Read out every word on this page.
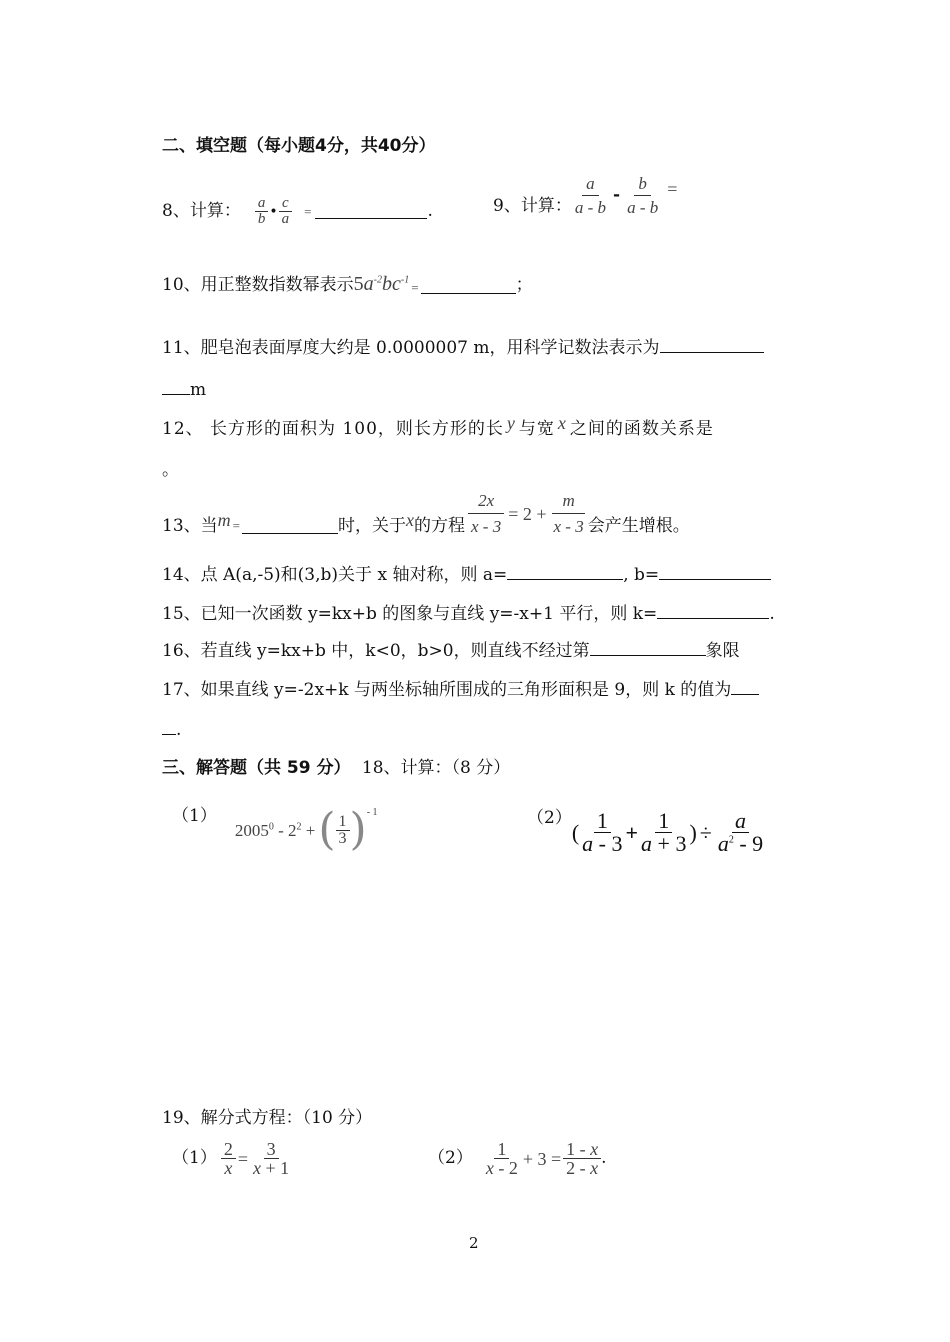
二、填空题（每小题4分，共40分）
8、计算： $\frac{a}{b}$ • $\frac{c}{a}$ =	.	9、计算： $\frac{a}{a - b} - \frac{b}{a - b}$ =
10、用正整数指数幂表示 $5a^{-2}bc^{-1}$
=	；
11、肥皂泡表面厚度大约是 0.0000007 m，用科学记数法表示为
m
12、 长方形的面积为 100，则长方形的长 y 与宽 x 之间的函数关系是
。
13、当 m =	时，关于 x 的方程 $\frac{2x}{x - 3} = 2 + \frac{m}{x - 3}$ 会产生增根。
14、点 A(a,-5)和(3,b)关于 x 轴对称，则 a=	, b=
15、已知一次函数 y=kx+b 的图象与直线 y=-x+1 平行，则 k=	.
16、若直线 y=kx+b 中，k<0，b>0，则直线不经过第	象限
17、如果直线 y=-2x+k 与两坐标轴所围成的三角形面积是 9，则 k 的值为
.
三、解答题（共 59 分） 18、计算：（8 分）
（1）
$2005^0 - 2^2$ + ( $\frac{1}{3}$ ) - 1	（2）
( $\frac{1}{a - 3} + \frac{1}{a + 3}$ ) ÷ $\frac{a}{a^2 - 9}$
19、解分式方程：（10 分）
$(1) \frac{2}{x} = \frac{3}{x + 1}$	$(2) \frac{1}{x - 2} + 3 = \frac{1 - x}{2 - x}$ .
2
